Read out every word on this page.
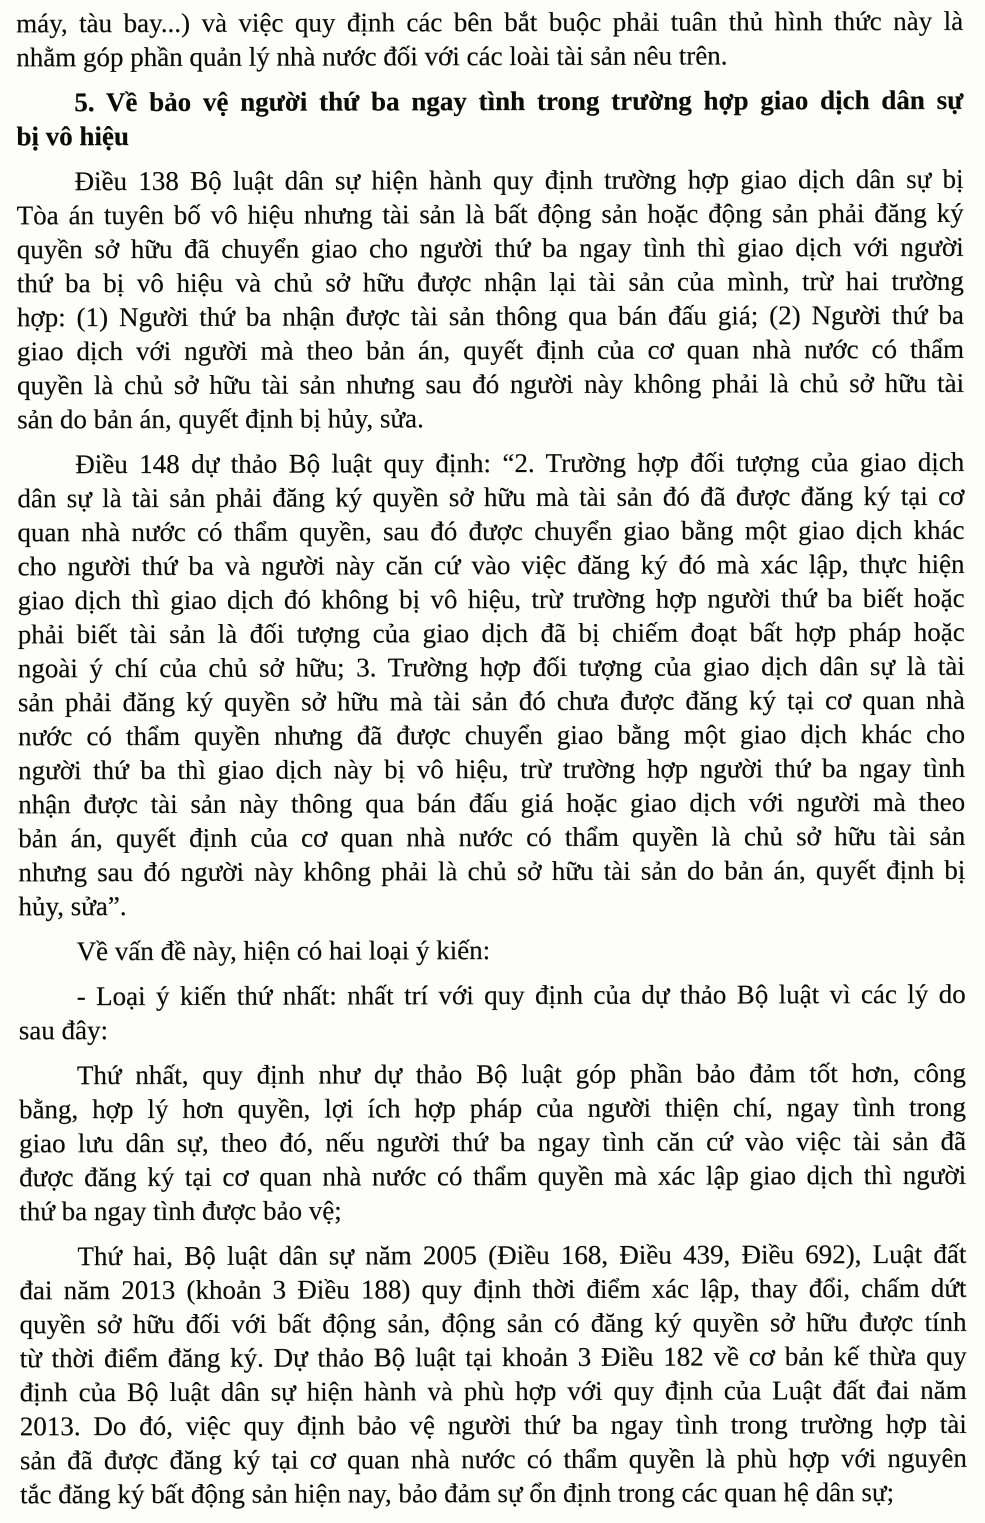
máy, tàu bay...) và việc quy định các bên bắt buộc phải tuân thủ hình thức này là
nhằm góp phần quản lý nhà nước đối với các loài tài sản nêu trên.

5. Về bảo vệ người thứ ba ngay tình trong trường hợp giao dịch dân sự
bị vô hiệu

Điều 138 Bộ luật dân sự hiện hành quy định trường hợp giao dịch dân sự bị
Tòa án tuyên bố vô hiệu nhưng tài sản là bất động sản hoặc động sản phải đăng ký
quyền sở hữu đã chuyển giao cho người thứ ba ngay tình thì giao dịch với người
thứ ba bị vô hiệu và chủ sở hữu được nhận lại tài sản của mình, trừ hai trường
hợp: (1) Người thứ ba nhận được tài sản thông qua bán đấu giá; (2) Người thứ ba
giao dịch với người mà theo bản án, quyết định của cơ quan nhà nước có thẩm
quyền là chủ sở hữu tài sản nhưng sau đó người này không phải là chủ sở hữu tài
sản do bản án, quyết định bị hủy, sửa.

Điều 148 dự thảo Bộ luật quy định: “2. Trường hợp đối tượng của giao dịch
dân sự là tài sản phải đăng ký quyền sở hữu mà tài sản đó đã được đăng ký tại cơ
quan nhà nước có thẩm quyền, sau đó được chuyển giao bằng một giao dịch khác
cho người thứ ba và người này căn cứ vào việc đăng ký đó mà xác lập, thực hiện
giao dịch thì giao dịch đó không bị vô hiệu, trừ trường hợp người thứ ba biết hoặc
phải biết tài sản là đối tượng của giao dịch đã bị chiếm đoạt bất hợp pháp hoặc
ngoài ý chí của chủ sở hữu; 3. Trường hợp đối tượng của giao dịch dân sự là tài
sản phải đăng ký quyền sở hữu mà tài sản đó chưa được đăng ký tại cơ quan nhà
nước có thẩm quyền nhưng đã được chuyển giao bằng một giao dịch khác cho
người thứ ba thì giao dịch này bị vô hiệu, trừ trường hợp người thứ ba ngay tình
nhận được tài sản này thông qua bán đấu giá hoặc giao dịch với người mà theo
bản án, quyết định của cơ quan nhà nước có thẩm quyền là chủ sở hữu tài sản
nhưng sau đó người này không phải là chủ sở hữu tài sản do bản án, quyết định bị
hủy, sửa”.

Về vấn đề này, hiện có hai loại ý kiến:

- Loại ý kiến thứ nhất: nhất trí với quy định của dự thảo Bộ luật vì các lý do
sau đây:

Thứ nhất, quy định như dự thảo Bộ luật góp phần bảo đảm tốt hơn, công
bằng, hợp lý hơn quyền, lợi ích hợp pháp của người thiện chí, ngay tình trong
giao lưu dân sự, theo đó, nếu người thứ ba ngay tình căn cứ vào việc tài sản đã
được đăng ký tại cơ quan nhà nước có thẩm quyền mà xác lập giao dịch thì người
thứ ba ngay tình được bảo vệ;

Thứ hai, Bộ luật dân sự năm 2005 (Điều 168, Điều 439, Điều 692), Luật đất
đai năm 2013 (khoản 3 Điều 188) quy định thời điểm xác lập, thay đổi, chấm dứt
quyền sở hữu đối với bất động sản, động sản có đăng ký quyền sở hữu được tính
từ thời điểm đăng ký. Dự thảo Bộ luật tại khoản 3 Điều 182 về cơ bản kế thừa quy
định của Bộ luật dân sự hiện hành và phù hợp với quy định của Luật đất đai năm
2013. Do đó, việc quy định bảo vệ người thứ ba ngay tình trong trường hợp tài
sản đã được đăng ký tại cơ quan nhà nước có thẩm quyền là phù hợp với nguyên
tắc đăng ký bất động sản hiện nay, bảo đảm sự ổn định trong các quan hệ dân sự;
